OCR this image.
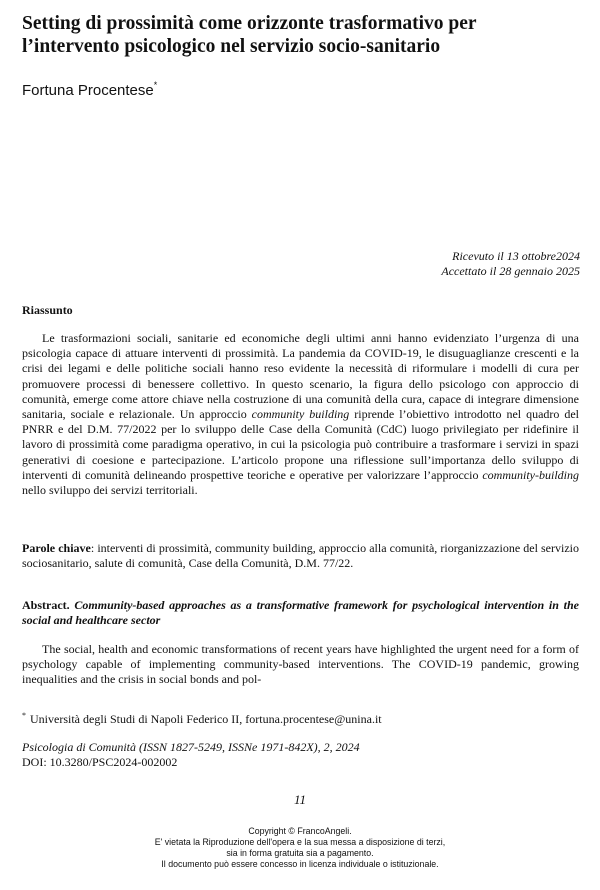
Setting di prossimità come orizzonte trasformativo per
l’intervento psicologico nel servizio socio-sanitario
Fortuna Procentese*
Ricevuto il 13 ottobre2024
Accettato il 28 gennaio 2025
Riassunto

Le trasformazioni sociali, sanitarie ed economiche degli ultimi anni hanno evidenziato l’urgenza di una psicologia capace di attuare interventi di prossimità. La pandemia da COVID-19, le disuguaglianze crescenti e la crisi dei legami e delle politiche sociali hanno reso evidente la necessità di riformulare i modelli di cura per promuovere processi di benessere collettivo. In questo scenario, la figura dello psicologo con approccio di comunità, emerge come attore chiave nella costruzione di una comunità della cura, capace di integrare dimensione sanitaria, sociale e relazionale. Un approccio community building riprende l’obiettivo introdotto nel quadro del PNRR e del D.M. 77/2022 per lo sviluppo delle Case della Comunità (CdC) luogo privilegiato per ridefinire il lavoro di prossimità come paradigma operativo, in cui la psicologia può contribuire a trasformare i servizi in spazi generativi di coesione e partecipazione. L’articolo propone una riflessione sull’importanza dello sviluppo di interventi di comunità delineando prospettive teoriche e operative per valorizzare l’approccio community-building nello sviluppo dei servizi territoriali.

Parole chiave: interventi di prossimità, community building, approccio alla comunità, riorganizzazione del servizio sociosanitario, salute di comunità, Case della Comunità, D.M. 77/22.

Abstract. Community-based approaches as a transformative framework for psychological intervention in the social and healthcare sector

The social, health and economic transformations of recent years have highlighted the urgent need for a form of psychology capable of implementing community-based interventions. The COVID-19 pandemic, growing inequalities and the crisis in social bonds and pol-

* Università degli Studi di Napoli Federico II, fortuna.procentese@unina.it
Psicologia di Comunità (ISSN 1827-5249, ISSNe 1971-842X), 2, 2024
DOI: 10.3280/PSC2024-002002
11
Copyright © FrancoAngeli.
E' vietata la Riproduzione dell'opera e la sua messa a disposizione di terzi,
sia in forma gratuita sia a pagamento.
Il documento può essere concesso in licenza individuale o istituzionale.
